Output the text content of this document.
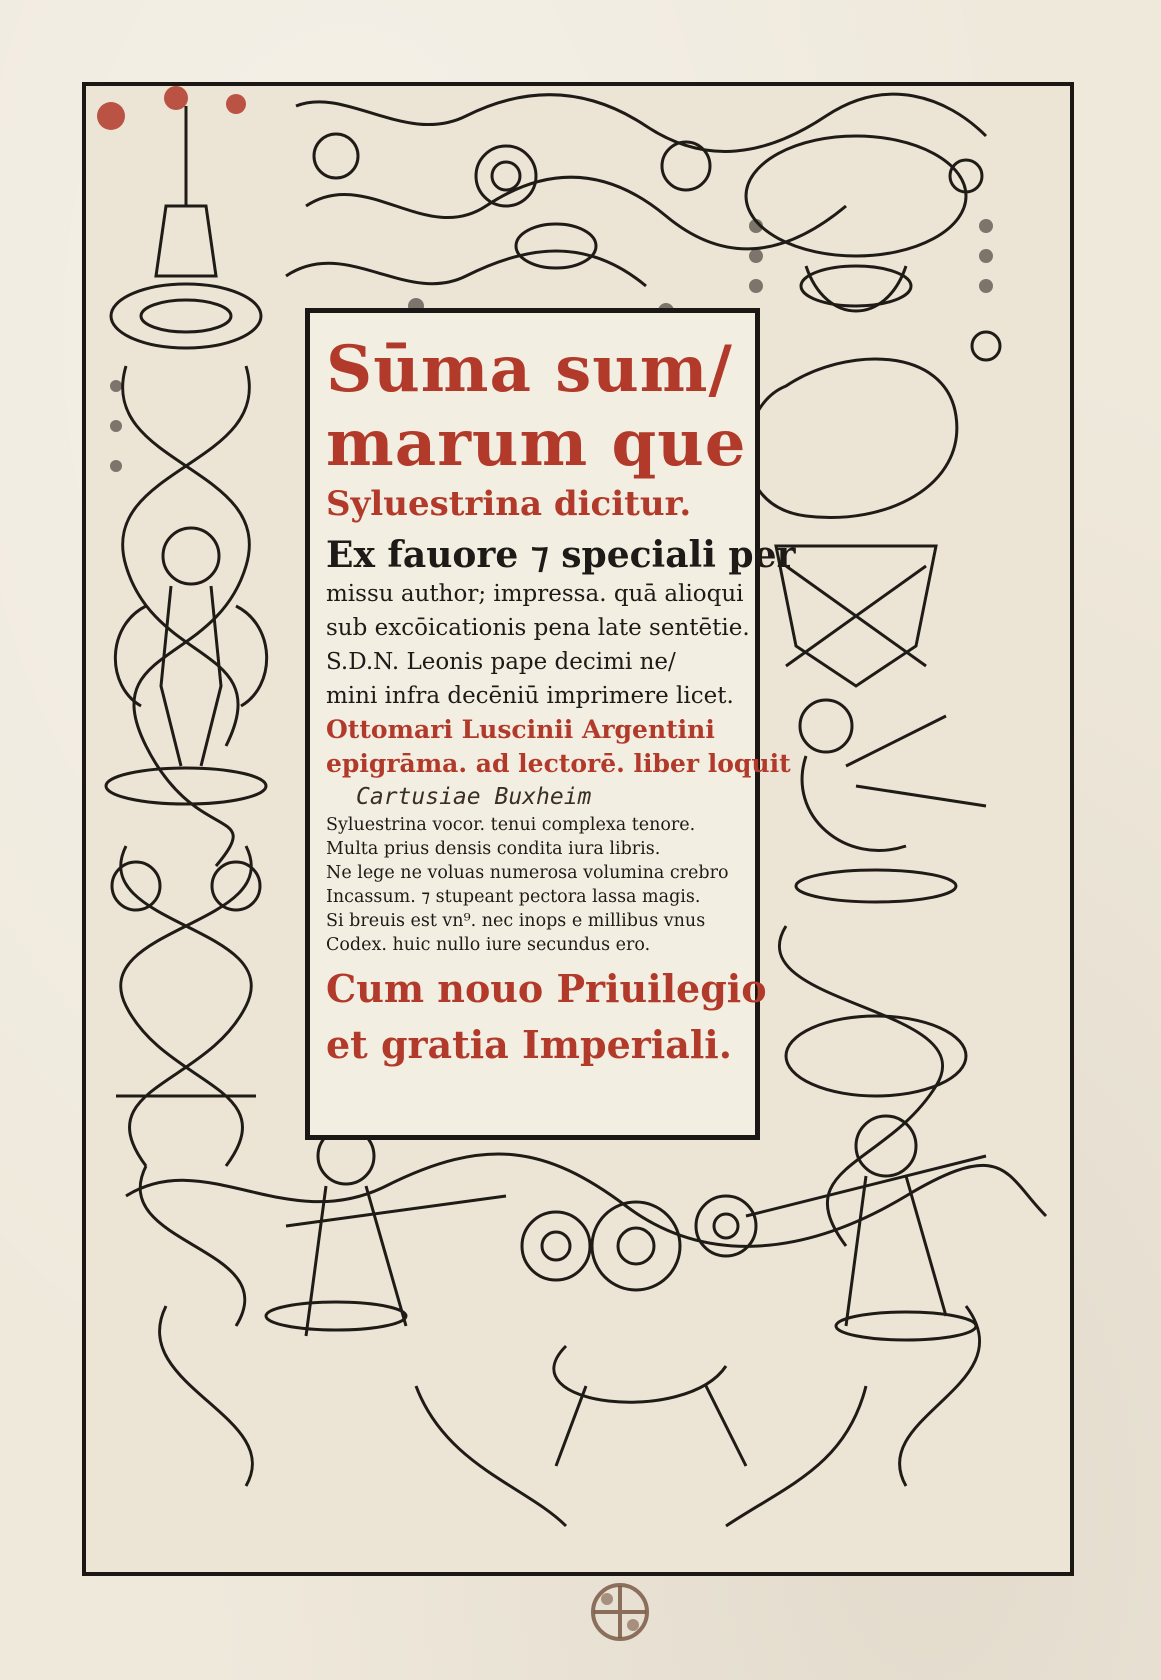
Sūma sum/
marum que
Syluestrina dicitur.
Ex fauore ⁊ speciali per
missu author; impressa. quā alioqui
sub excōicationis pena late sentētie.
S.D.N. Leonis pape decimi ne/
mini infra decēniū imprimere licet.
Ottomari Luscinii Argentini
epigrāma. ad lectorē. liber loquit
Cartusiae Buxheim
Syluestrina vocor. tenui complexa tenore.
Multa prius densis condita iura libris.
Ne lege ne voluas numerosa volumina crebro
Incassum. ⁊ stupeant pectora lassa magis.
Si breuis est vn⁹. nec inops e millibus vnus
Codex. huic nullo iure secundus ero.
Cum nouo Priuilegio
et gratia Imperiali.
